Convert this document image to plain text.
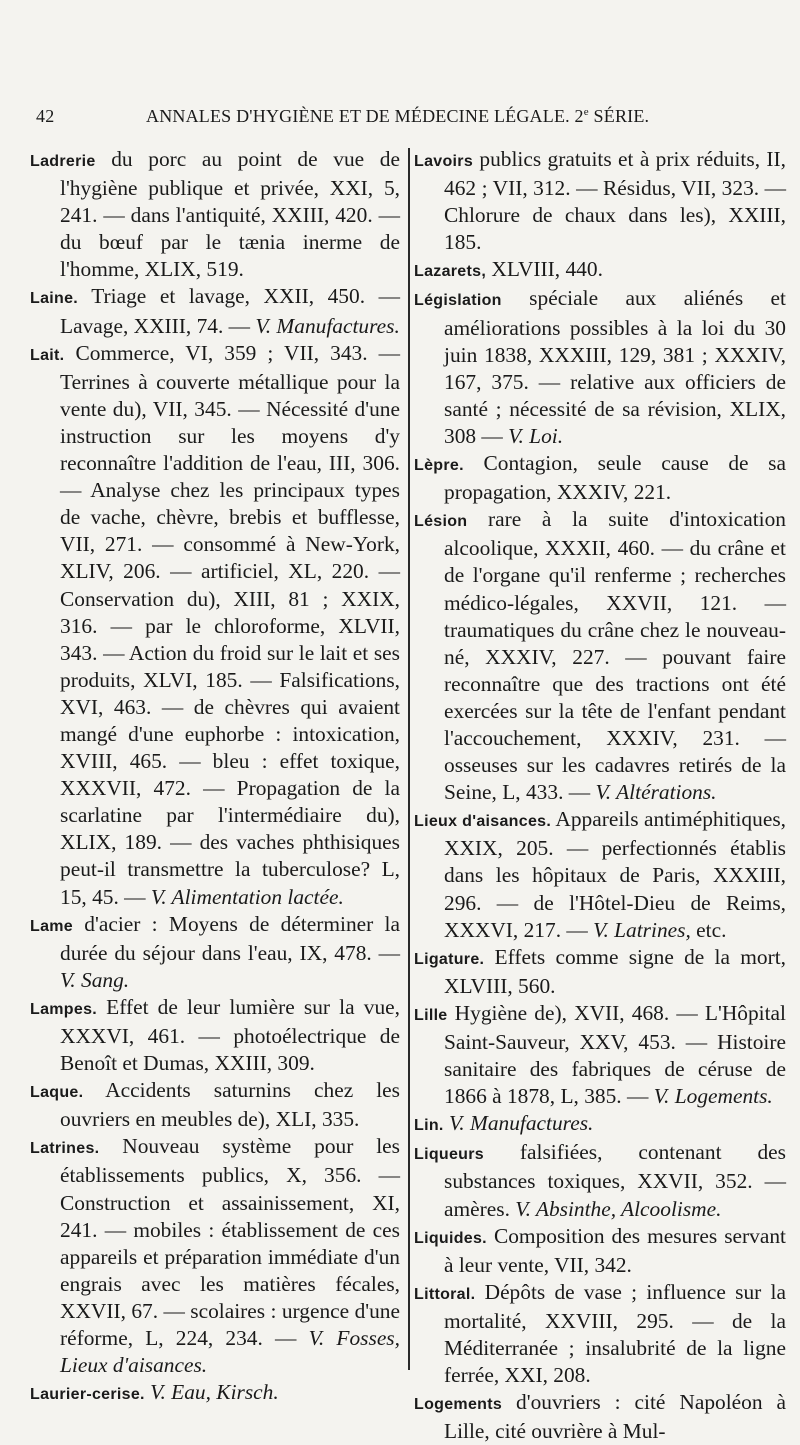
42	ANNALES D'HYGIÈNE ET DE MÉDECINE LÉGALE. 2e SÉRIE.

Ladrerie du porc au point de vue de l'hygiène publique et privée, XXI, 5, 241. — dans l'antiquité, XXIII, 420. — du bœuf par le tænia inerme de l'homme, XLIX, 519.

Laine. Triage et lavage, XXII, 450. — Lavage, XXIII, 74. — V. Manufactures.

Lait. Commerce, VI, 359 ; VII, 343. — Terrines à couverte métallique pour la vente du), VII, 345. — Nécessité d'une instruction sur les moyens d'y reconnaître l'addition de l'eau, III, 306. — Analyse chez les principaux types de vache, chèvre, brebis et bufflesse, VII, 271. — consommé à New-York, XLIV, 206. — artificiel, XL, 220. — Conservation du), XIII, 81 ; XXIX, 316. — par le chloroforme, XLVII, 343. — Action du froid sur le lait et ses produits, XLVI, 185. — Falsifications, XVI, 463. — de chèvres qui avaient mangé d'une euphorbe : intoxication, XVIII, 465. — bleu : effet toxique, XXXVII, 472. — Propagation de la scarlatine par l'intermédiaire du), XLIX, 189. — des vaches phthisiques peut-il transmettre la tuberculose? L, 15, 45. — V. Alimentation lactée.

Lame d'acier : Moyens de déterminer la durée du séjour dans l'eau, IX, 478. — V. Sang.

Lampes. Effet de leur lumière sur la vue, XXXVI, 461. — photoélectrique de Benoît et Dumas, XXIII, 309.

Laque. Accidents saturnins chez les ouvriers en meubles de), XLI, 335.

Latrines. Nouveau système pour les établissements publics, X, 356. — Construction et assainissement, XI, 241. — mobiles : établissement de ces appareils et préparation immédiate d'un engrais avec les matières fécales, XXVII, 67. — scolaires : urgence d'une réforme, L, 224, 234. — V. Fosses, Lieux d'aisances.

Laurier-cerise. V. Eau, Kirsch.

Lavoirs publics gratuits et à prix réduits, II, 462 ; VII, 312. — Résidus, VII, 323. — Chlorure de chaux dans les), XXIII, 185.

Lazarets, XLVIII, 440.

Législation spéciale aux aliénés et améliorations possibles à la loi du 30 juin 1838, XXXIII, 129, 381 ; XXXIV, 167, 375. — relative aux officiers de santé ; nécessité de sa révision, XLIX, 308 — V. Loi.

Lèpre. Contagion, seule cause de sa propagation, XXXIV, 221.

Lésion rare à la suite d'intoxication alcoolique, XXXII, 460. — du crâne et de l'organe qu'il renferme ; recherches médico-légales, XXVII, 121. — traumatiques du crâne chez le nouveau-né, XXXIV, 227. — pouvant faire reconnaître que des tractions ont été exercées sur la tête de l'enfant pendant l'accouchement, XXXIV, 231. — osseuses sur les cadavres retirés de la Seine, L, 433. — V. Altérations.

Lieux d'aisances. Appareils antiméphitiques, XXIX, 205. — perfectionnés établis dans les hôpitaux de Paris, XXXIII, 296. — de l'Hôtel-Dieu de Reims, XXXVI, 217. — V. Latrines, etc.

Ligature. Effets comme signe de la mort, XLVIII, 560.

Lille Hygiène de), XVII, 468. — L'Hôpital Saint-Sauveur, XXV, 453. — Histoire sanitaire des fabriques de céruse de 1866 à 1878, L, 385. — V. Logements.

Lin. V. Manufactures.

Liqueurs falsifiées, contenant des substances toxiques, XXVII, 352. — amères. V. Absinthe, Alcoolisme.

Liquides. Composition des mesures servant à leur vente, VII, 342.

Littoral. Dépôts de vase ; influence sur la mortalité, XXVIII, 295. — de la Méditerranée ; insalubrité de la ligne ferrée, XXI, 208.

Logements d'ouvriers : cité Napoléon à Lille, cité ouvrière à Mul-
